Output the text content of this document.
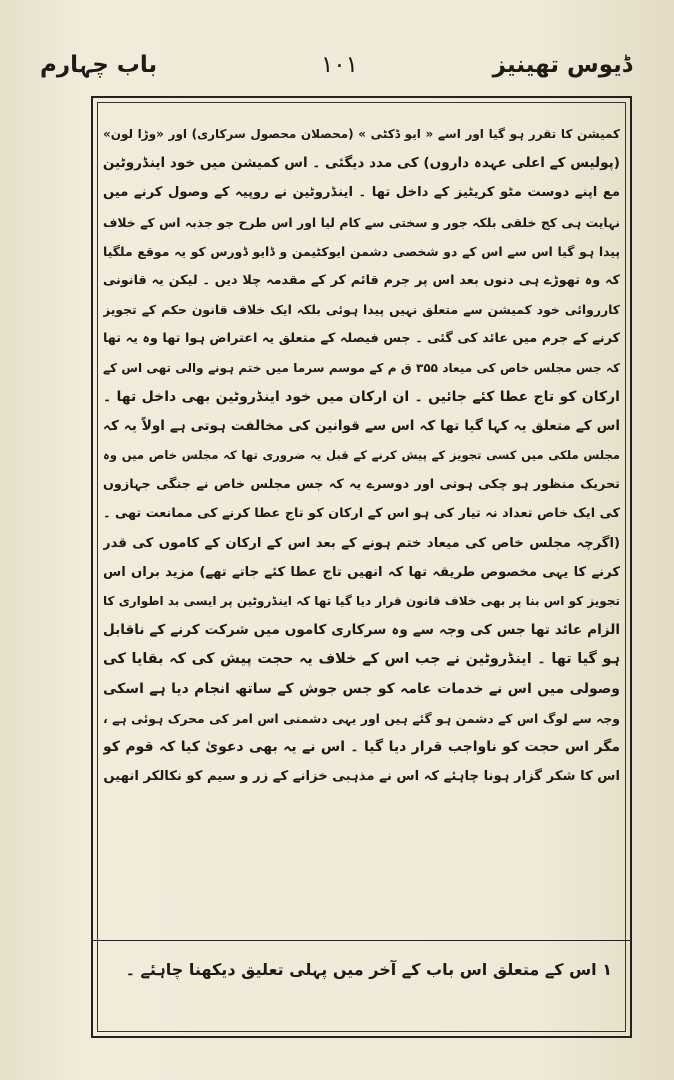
ڈیوس تھینیز
۱۰۱
باب چہارم
کمیشن کا تقرر ہو گیا اور اسے « ایو ڈکٹی » (محصلان محصول سرکاری) اور «وڑا لون»
(پولیس کے اعلی عہدہ داروں) کی مدد دیگئی ۔ اس کمیشن میں خود اینڈروٹین
مع اپنے دوست مٹو کریٹیز کے داخل تھا ۔ اینڈروٹین نے روپیہ کے وصول کرنے میں
نہایت ہی کج خلقی بلکہ جور و سختی سے کام لیا اور اس طرح جو جذبہ اس کے خلاف
پیدا ہو گیا اس سے اس کے دو شخصی دشمن ایوکٹیمن و ڈایو ڈورس کو یہ موقع ملگیا
کہ وہ تھوڑے ہی دنوں بعد اس پر جرم قائم کر کے مقدمہ چلا دیں ۔ لیکن یہ قانونی
کارروائی خود کمیشن سے متعلق نہیں پیدا ہوئی بلکہ ایک خلاف قانون حکم کے تجویز
کرنے کے جرم میں عائد کی گئی ۔ جس فیصلہ کے متعلق یہ اعتراض ہوا تھا وہ یہ تھا
کہ جس مجلس خاص کی میعاد ۳۵۵ ق م کے موسم سرما میں ختم ہونے والی تھی اس کے
ارکان کو تاج عطا کئے جائیں ۔ ان ارکان میں خود اینڈروٹین بھی داخل تھا ۔
اس کے متعلق یہ کہا گیا تھا کہ اس سے قوانین کی مخالفت ہوتی ہے اولاً یہ کہ
مجلس ملکی میں کسی تجویز کے پیش کرنے کے قبل یہ ضروری تھا کہ مجلس خاص میں وہ
تحریک منظور ہو چکی ہوتی اور دوسرے یہ کہ جس مجلس خاص نے جنگی جہازوں
کی ایک خاص تعداد نہ تیار کی ہو اس کے ارکان کو تاج عطا کرنے کی ممانعت تھی ۔
(اگرچہ مجلس خاص کی میعاد ختم ہونے کے بعد اس کے ارکان کے کاموں کی قدر
کرنے کا یہی مخصوص طریقہ تھا کہ انھیں تاج عطا کئے جاتے تھے) مزید براں اس
تجویز کو اس بنا پر بھی خلاف قانون قرار دیا گیا تھا کہ اینڈروٹین پر ایسی بد اطواری کا
الزام عائد تھا جس کی وجہ سے وہ سرکاری کاموں میں شرکت کرنے کے ناقابل
ہو گیا تھا ۔ اینڈروٹین نے جب اس کے خلاف یہ حجت پیش کی کہ بقایا کی
وصولی میں اس نے خدمات عامہ کو جس جوش کے ساتھ انجام دیا ہے اسکی
وجہ سے لوگ اس کے دشمن ہو گئے ہیں اور یہی دشمنی اس امر کی محرک ہوئی ہے ،
مگر اس حجت کو ناواجب قرار دیا گیا ۔ اس نے یہ بھی دعویٰ کیا کہ قوم کو
اس کا شکر گزار ہونا چاہئے کہ اس نے مذہبی خزانے کے زر و سیم کو نکالکر انھیں
۱ اس کے متعلق اس باب کے آخر میں پہلی تعلیق دیکھنا چاہئے ۔
